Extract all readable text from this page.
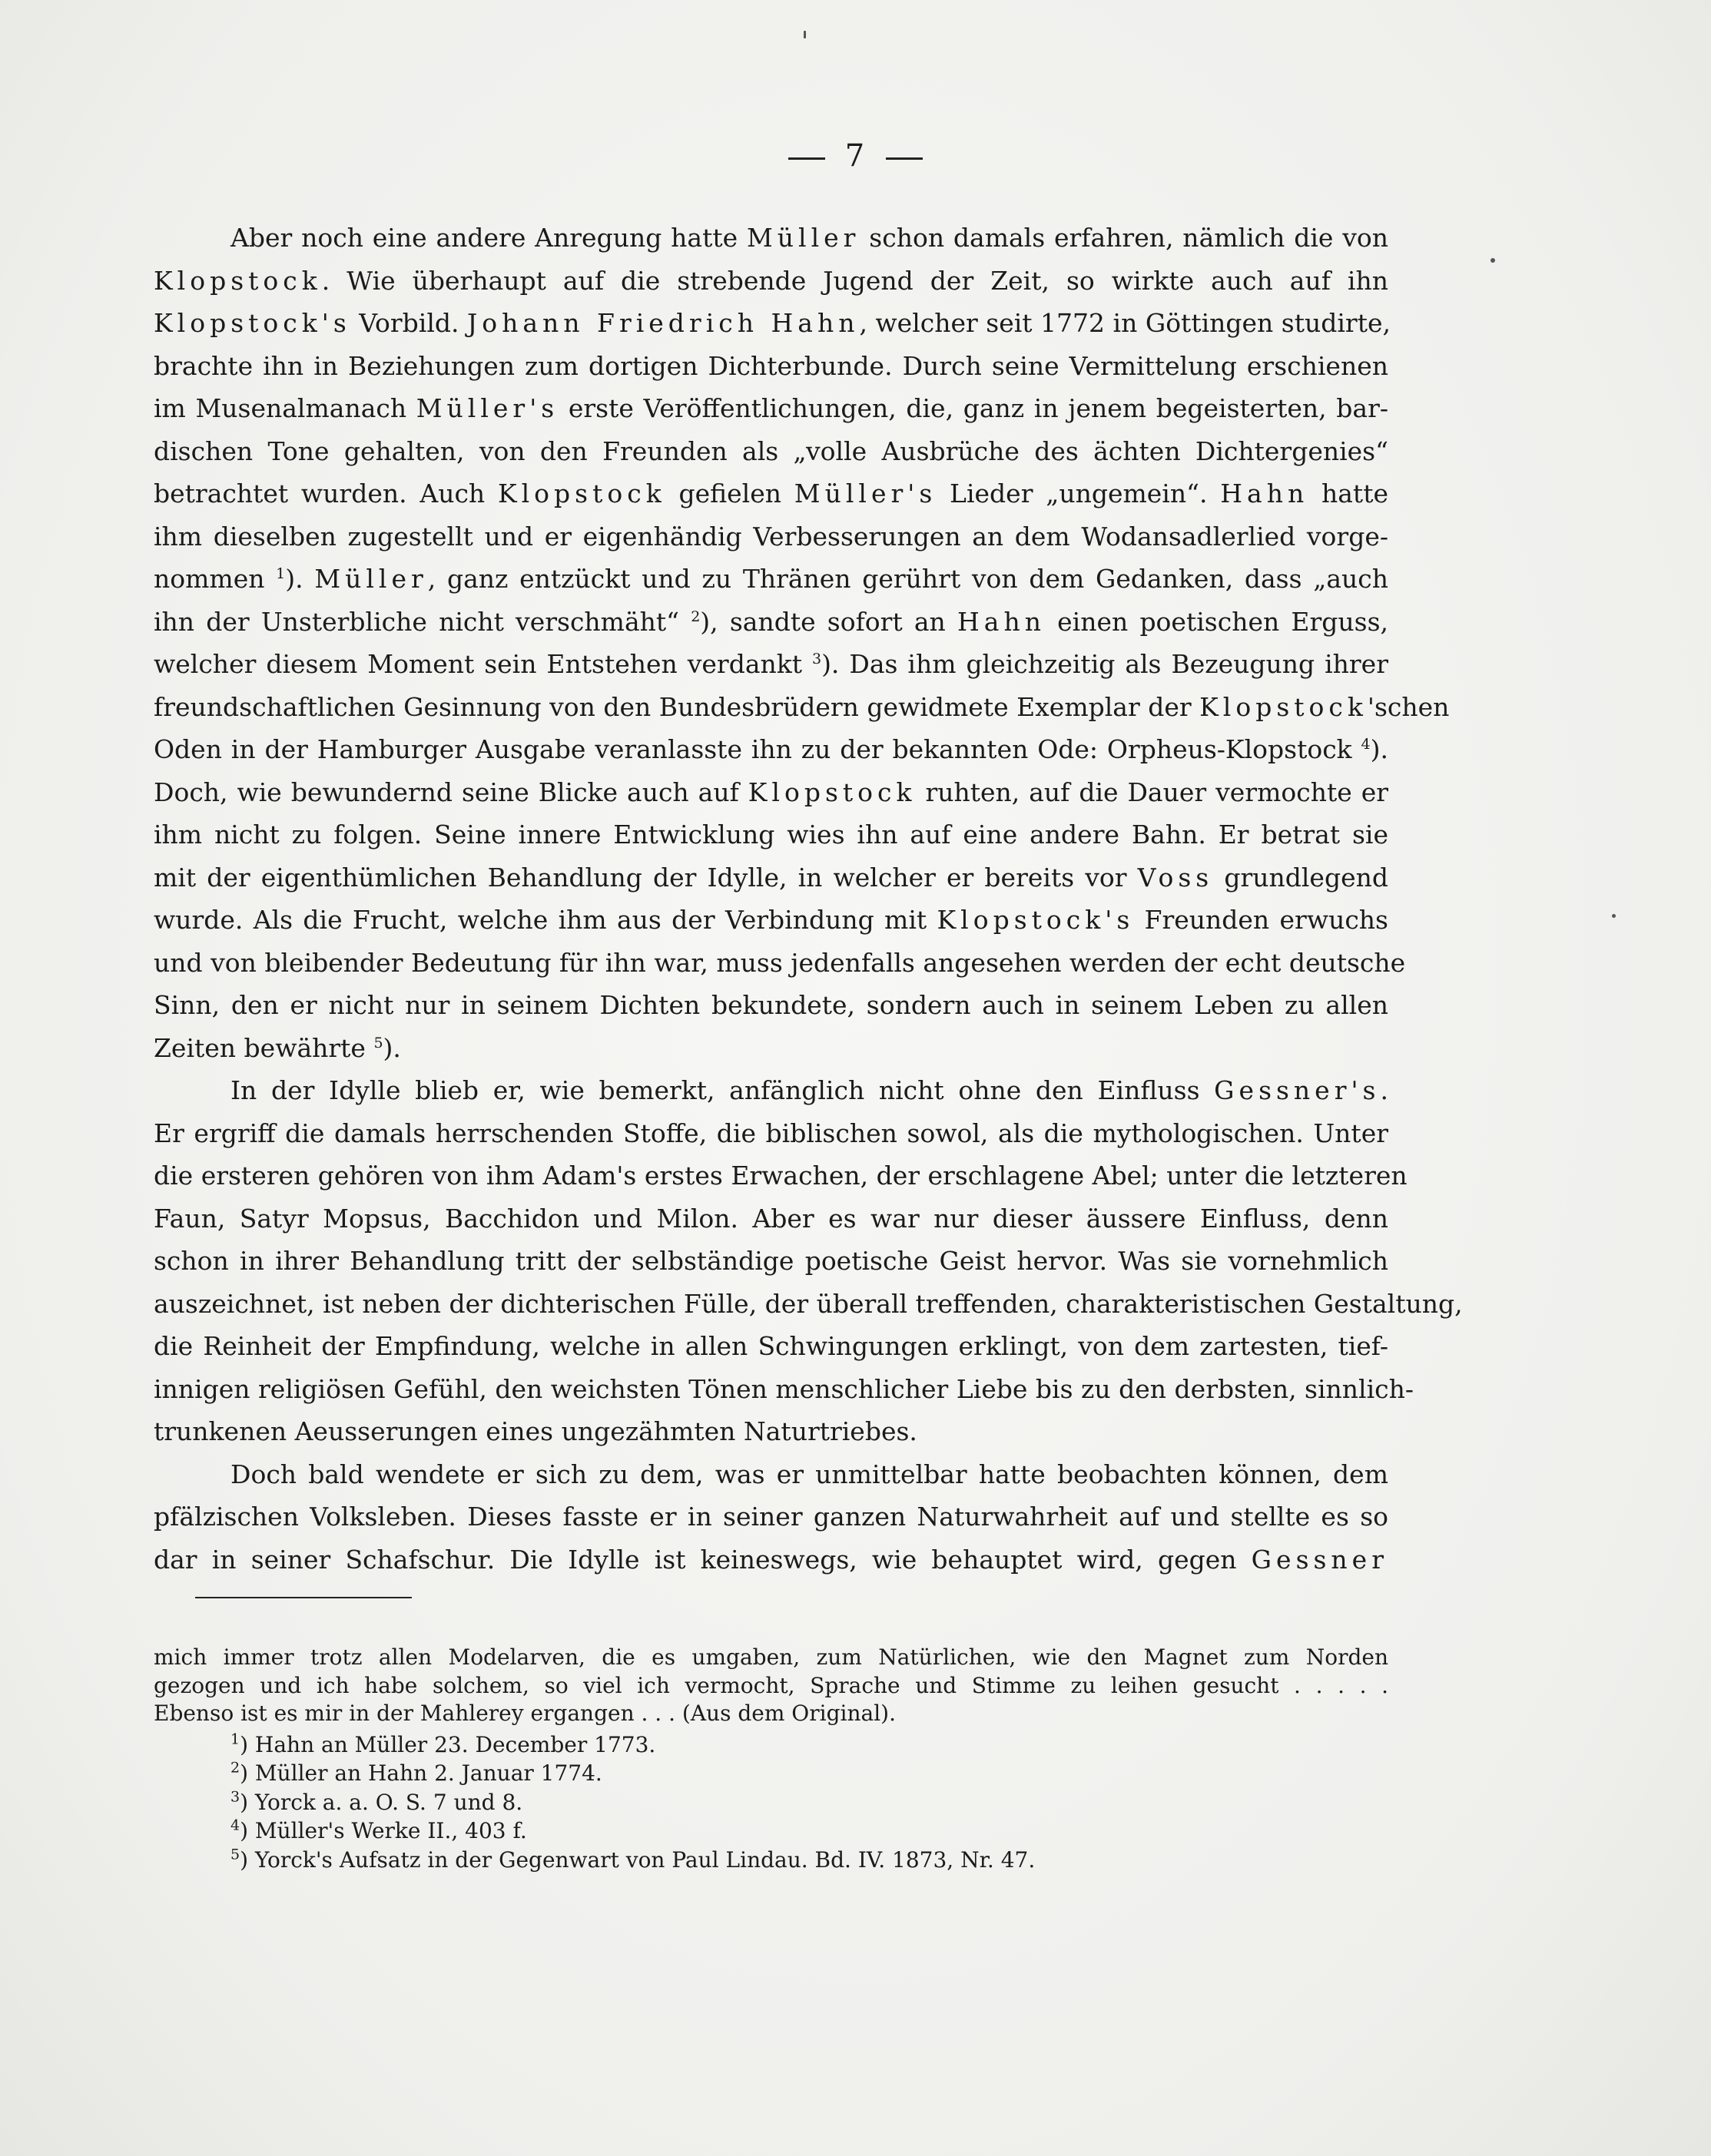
7
Aber noch eine andere Anregung hatte Müller schon damals erfahren, nämlich die von
Klopstock. Wie überhaupt auf die strebende Jugend der Zeit, so wirkte auch auf ihn
Klopstock's Vorbild. Johann Friedrich Hahn, welcher seit 1772 in Göttingen studirte,
brachte ihn in Beziehungen zum dortigen Dichterbunde. Durch seine Vermittelung erschienen
im Musenalmanach Müller's erste Veröffentlichungen, die, ganz in jenem begeisterten, bar-
dischen Tone gehalten, von den Freunden als „volle Ausbrüche des ächten Dichtergenies“
betrachtet wurden. Auch Klopstock gefielen Müller's Lieder „ungemein“. Hahn hatte
ihm dieselben zugestellt und er eigenhändig Verbesserungen an dem Wodansadlerlied vorge-
nommen $^1$). Müller, ganz entzückt und zu Thränen gerührt von dem Gedanken, dass „auch
ihn der Unsterbliche nicht verschmäht“ $^2$), sandte sofort an Hahn einen poetischen Erguss,
welcher diesem Moment sein Entstehen verdankt $^3$). Das ihm gleichzeitig als Bezeugung ihrer
freundschaftlichen Gesinnung von den Bundesbrüdern gewidmete Exemplar der Klopstock'schen
Oden in der Hamburger Ausgabe veranlasste ihn zu der bekannten Ode: Orpheus-Klopstock $^4$).
Doch, wie bewundernd seine Blicke auch auf Klopstock ruhten, auf die Dauer vermochte er
ihm nicht zu folgen. Seine innere Entwicklung wies ihn auf eine andere Bahn. Er betrat sie
mit der eigenthümlichen Behandlung der Idylle, in welcher er bereits vor Voss grundlegend
wurde. Als die Frucht, welche ihm aus der Verbindung mit Klopstock's Freunden erwuchs
und von bleibender Bedeutung für ihn war, muss jedenfalls angesehen werden der echt deutsche
Sinn, den er nicht nur in seinem Dichten bekundete, sondern auch in seinem Leben zu allen
Zeiten bewährte $^5$).
In der Idylle blieb er, wie bemerkt, anfänglich nicht ohne den Einfluss Gessner's.
Er ergriff die damals herrschenden Stoffe, die biblischen sowol, als die mythologischen. Unter
die ersteren gehören von ihm Adam's erstes Erwachen, der erschlagene Abel; unter die letzteren
Faun, Satyr Mopsus, Bacchidon und Milon. Aber es war nur dieser äussere Einfluss, denn
schon in ihrer Behandlung tritt der selbständige poetische Geist hervor. Was sie vornehmlich
auszeichnet, ist neben der dichterischen Fülle, der überall treffenden, charakteristischen Gestaltung,
die Reinheit der Empfindung, welche in allen Schwingungen erklingt, von dem zartesten, tief-
innigen religiösen Gefühl, den weichsten Tönen menschlicher Liebe bis zu den derbsten, sinnlich-
trunkenen Aeusserungen eines ungezähmten Naturtriebes.
Doch bald wendete er sich zu dem, was er unmittelbar hatte beobachten können, dem
pfälzischen Volksleben. Dieses fasste er in seiner ganzen Naturwahrheit auf und stellte es so
dar in seiner Schafschur. Die Idylle ist keineswegs, wie behauptet wird, gegen Gessner
mich immer trotz allen Modelarven, die es umgaben, zum Natürlichen, wie den Magnet zum Norden
gezogen und ich habe solchem, so viel ich vermocht, Sprache und Stimme zu leihen gesucht . . . . .
Ebenso ist es mir in der Mahlerey ergangen . . . (Aus dem Original).
$^1$) Hahn an Müller 23. December 1773.
$^2$) Müller an Hahn 2. Januar 1774.
$^3$) Yorck a. a. O. S. 7 und 8.
$^4$) Müller's Werke II., 403 f.
$^5$) Yorck's Aufsatz in der Gegenwart von Paul Lindau. Bd. IV. 1873, Nr. 47.
